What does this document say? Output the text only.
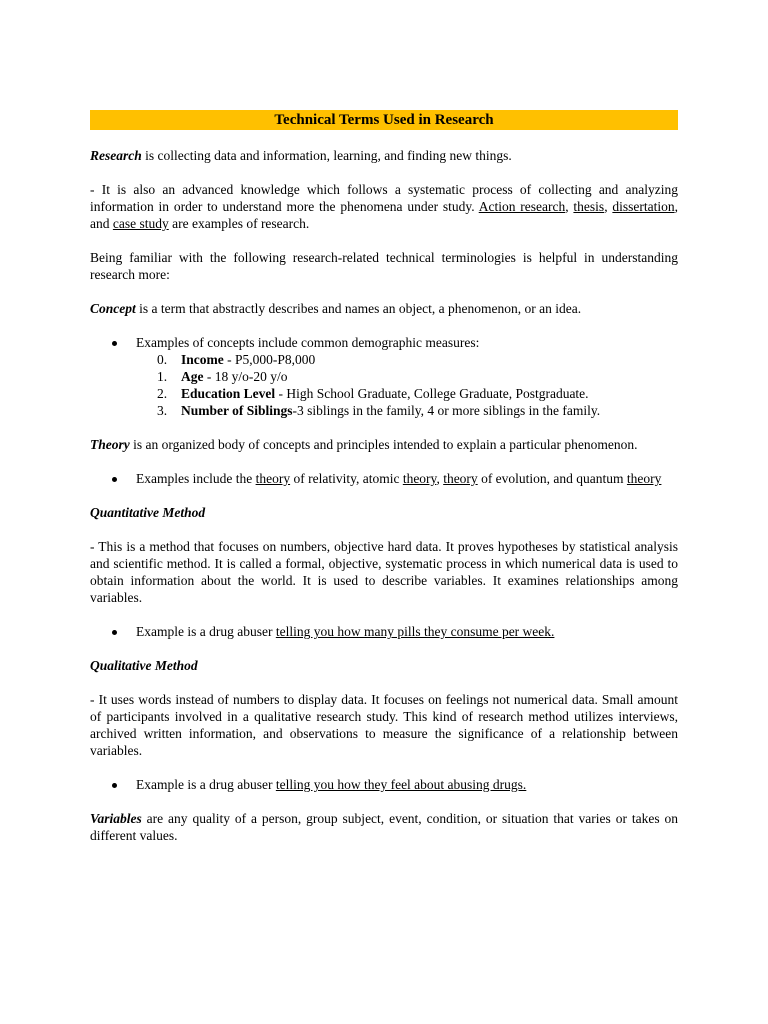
Technical Terms Used in Research

Research is collecting data and information, learning, and finding new things.

- It is also an advanced knowledge which follows a systematic process of collecting and analyzing information in order to understand more the phenomena under study. Action research, thesis, dissertation, and case study are examples of research.

Being familiar with the following research-related technical terminologies is helpful in understanding research more:

Concept is a term that abstractly describes and names an object, a phenomenon, or an idea.

Examples of concepts include common demographic measures:
0. Income - P5,000-P8,000
1. Age - 18 y/o-20 y/o
2. Education Level - High School Graduate, College Graduate, Postgraduate.
3. Number of Siblings-3 siblings in the family, 4 or more siblings in the family.

Theory is an organized body of concepts and principles intended to explain a particular phenomenon.

Examples include the theory of relativity, atomic theory, theory of evolution, and quantum theory

Quantitative Method

- This is a method that focuses on numbers, objective hard data. It proves hypotheses by statistical analysis and scientific method. It is called a formal, objective, systematic process in which numerical data is used to obtain information about the world. It is used to describe variables. It examines relationships among variables.

Example is a drug abuser telling you how many pills they consume per week.

Qualitative Method

- It uses words instead of numbers to display data. It focuses on feelings not numerical data. Small amount of participants involved in a qualitative research study. This kind of research method utilizes interviews, archived written information, and observations to measure the significance of a relationship between variables.

Example is a drug abuser telling you how they feel about abusing drugs.

Variables are any quality of a person, group subject, event, condition, or situation that varies or takes on different values.
